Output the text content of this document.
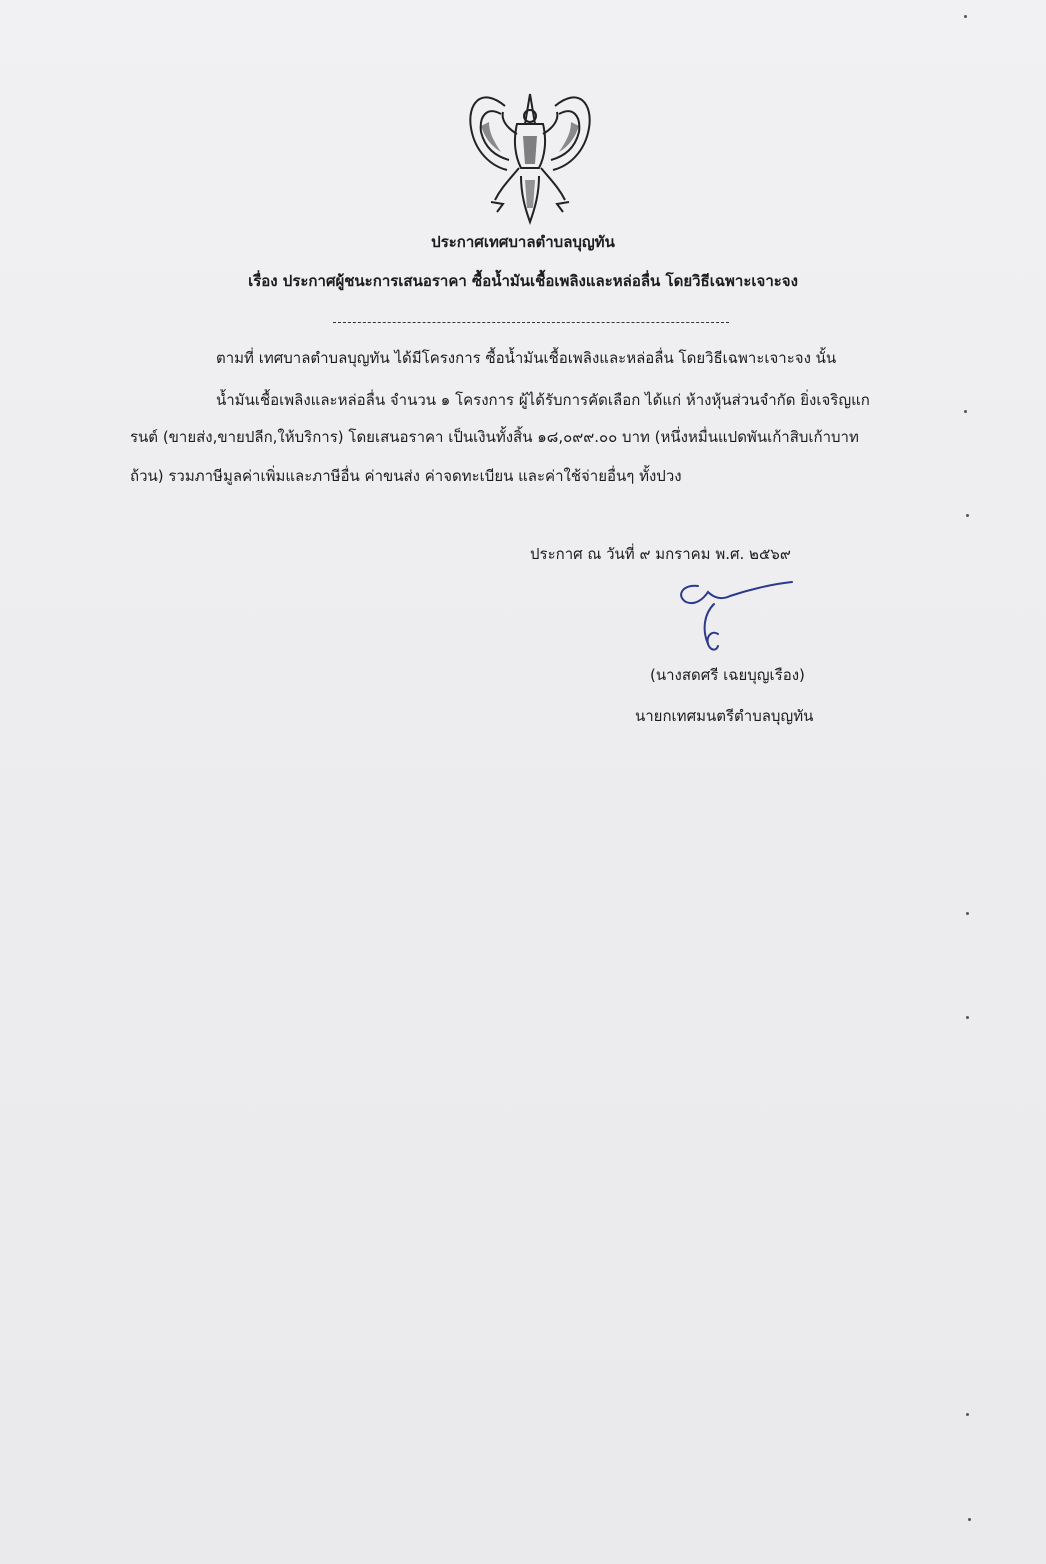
ประกาศเทศบาลตำบลบุญทัน
เรื่อง ประกาศผู้ชนะการเสนอราคา ซื้อน้ำมันเชื้อเพลิงและหล่อลื่น โดยวิธีเฉพาะเจาะจง
ตามที่ เทศบาลตำบลบุญทัน ได้มีโครงการ ซื้อน้ำมันเชื้อเพลิงและหล่อลื่น โดยวิธีเฉพาะเจาะจง นั้น
น้ำมันเชื้อเพลิงและหล่อลื่น จำนวน ๑ โครงการ ผู้ได้รับการคัดเลือก ได้แก่ ห้างหุ้นส่วนจำกัด ยิ่งเจริญแก
รนต์ (ขายส่ง,ขายปลีก,ให้บริการ) โดยเสนอราคา เป็นเงินทั้งสิ้น ๑๘,๐๙๙.๐๐ บาท (หนึ่งหมื่นแปดพันเก้าสิบเก้าบาท
ถ้วน) รวมภาษีมูลค่าเพิ่มและภาษีอื่น ค่าขนส่ง ค่าจดทะเบียน และค่าใช้จ่ายอื่นๆ ทั้งปวง
ประกาศ ณ วันที่ ๙ มกราคม พ.ศ. ๒๕๖๙
(นางสดศรี เฉยบุญเรือง)
นายกเทศมนตรีตำบลบุญทัน
